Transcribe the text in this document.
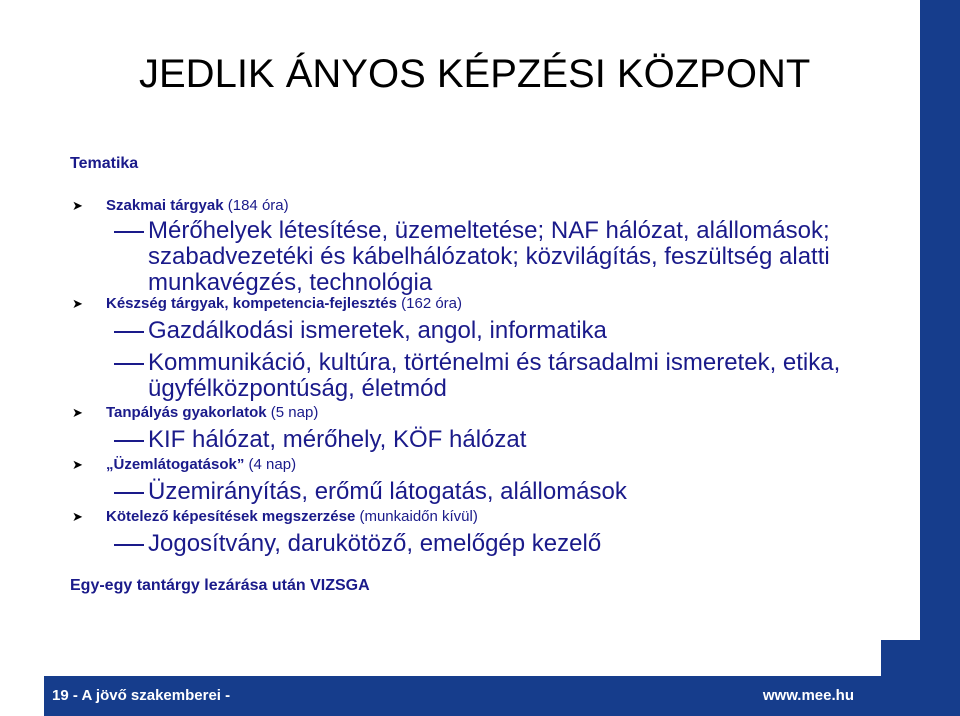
JEDLIK ÁNYOS KÉPZÉSI KÖZPONT
Tematika
➤ Szakmai tárgyak (184 óra)
Mérőhelyek létesítése, üzemeltetése; NAF hálózat, alállomások; szabadvezetéki és kábelhálózatok; közvilágítás, feszültség alatti munkavégzés, technológia
➤ Készség tárgyak, kompetencia-fejlesztés (162 óra)
Gazdálkodási ismeretek, angol, informatika
Kommunikáció, kultúra, történelmi és társadalmi ismeretek, etika, ügyfélközpontúság, életmód
➤ Tanpályás gyakorlatok (5 nap)
KIF hálózat, mérőhely, KÖF hálózat
➤ „Üzemlátogatások” (4 nap)
Üzemirányítás, erőmű látogatás, alállomások
➤ Kötelező képesítések megszerzése (munkaidőn kívül)
Jogosítvány, darukötöző, emelőgép kezelő
Egy-egy tantárgy lezárása után VIZSGA
19 - A jövő szakemberei -	www.mee.hu
